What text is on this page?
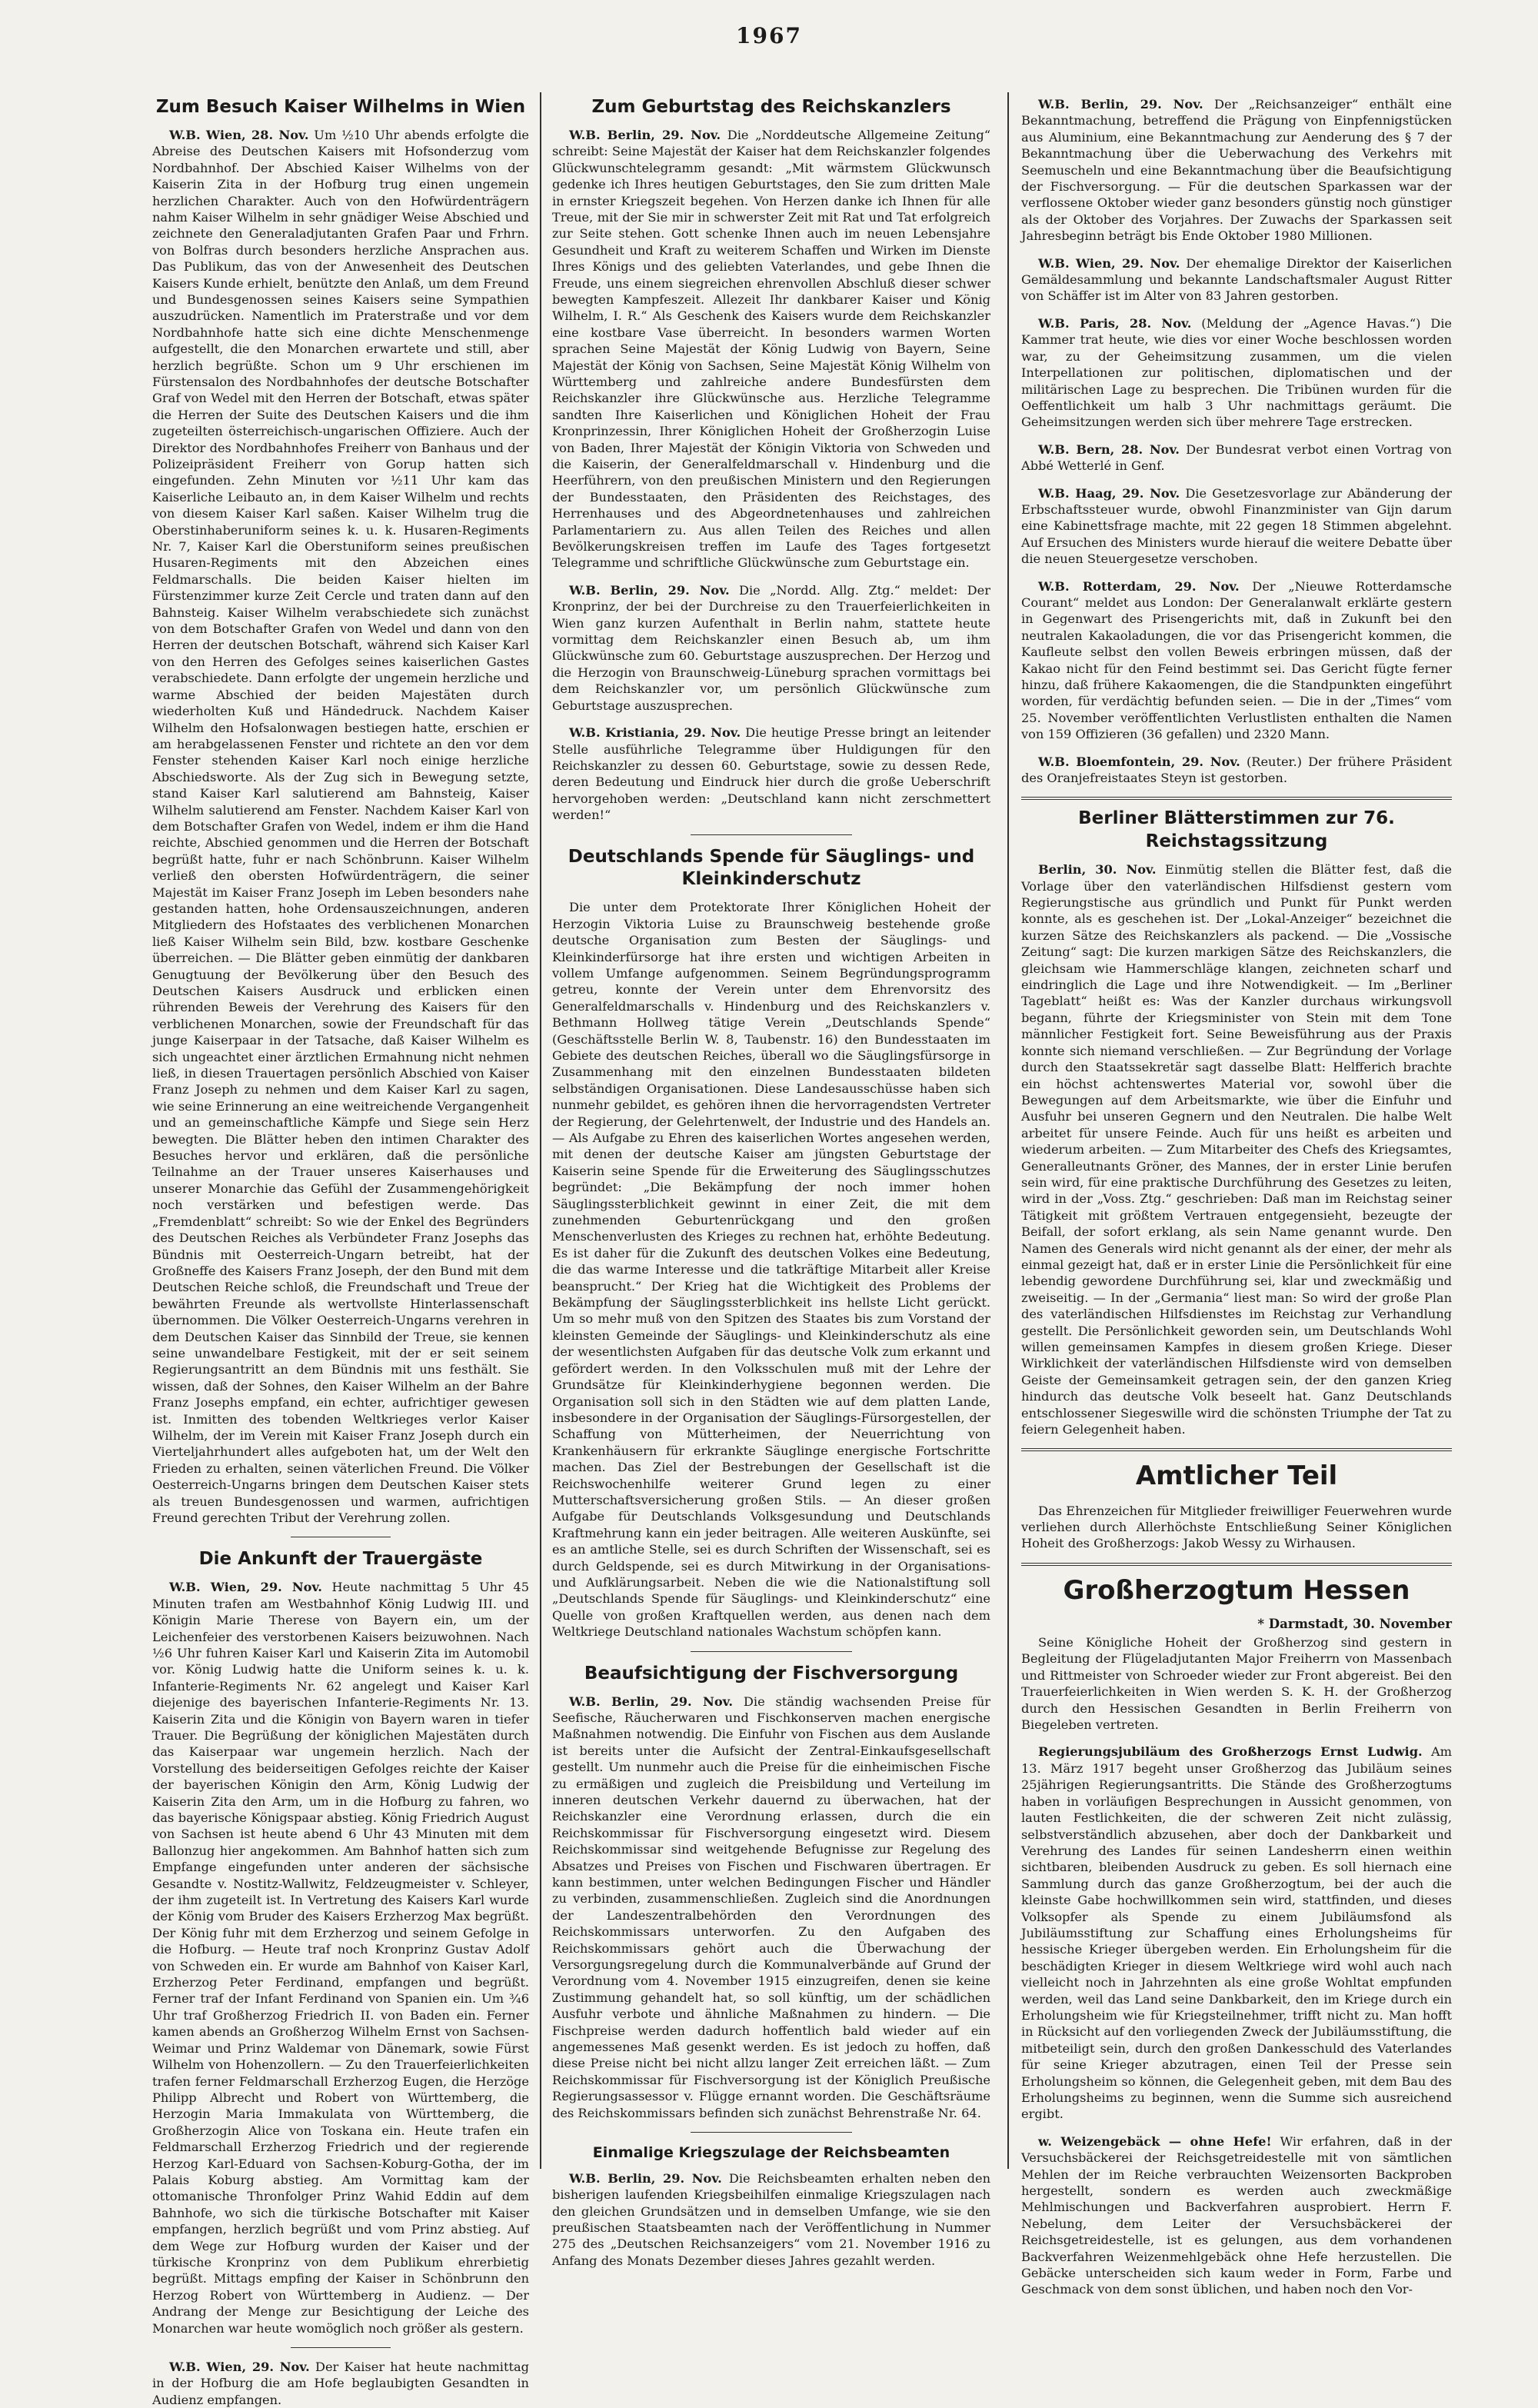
1967
Zum Besuch Kaiser Wilhelms in Wien

W.B. Wien, 28. Nov. Um ½10 Uhr abends erfolgte die Abreise des Deutschen Kaisers mit Hofsonderzug vom Nordbahnhof. Der Abschied Kaiser Wilhelms von der Kaiserin Zita in der Hofburg trug einen ungemein herzlichen Charakter. Auch von den Hofwürdenträgern nahm Kaiser Wilhelm in sehr gnädiger Weise Abschied und zeichnete den Generaladjutanten Grafen Paar und Frhrn. von Bolfras durch besonders herzliche Ansprachen aus. Das Publikum, das von der Anwesenheit des Deutschen Kaisers Kunde erhielt, benützte den Anlaß, um dem Freund und Bundesgenossen seines Kaisers seine Sympathien auszudrücken. Namentlich im Praterstraße und vor dem Nordbahnhofe hatte sich eine dichte Menschenmenge aufgestellt, die den Monarchen erwartete und still, aber herzlich begrüßte. Schon um 9 Uhr erschienen im Fürstensalon des Nordbahnhofes der deutsche Botschafter Graf von Wedel mit den Herren der Botschaft, etwas später die Herren der Suite des Deutschen Kaisers und die ihm zugeteilten österreichisch-ungarischen Offiziere. Auch der Direktor des Nordbahnhofes Freiherr von Banhaus und der Polizeipräsident Freiherr von Gorup hatten sich eingefunden. Zehn Minuten vor ½11 Uhr kam das Kaiserliche Leibauto an, in dem Kaiser Wilhelm und rechts von diesem Kaiser Karl saßen. Kaiser Wilhelm trug die Oberstinhaberuniform seines k. u. k. Husaren-Regiments Nr. 7, Kaiser Karl die Oberstuniform seines preußischen Husaren-Regiments mit den Abzeichen eines Feldmarschalls. Die beiden Kaiser hielten im Fürstenzimmer kurze Zeit Cercle und traten dann auf den Bahnsteig. Kaiser Wilhelm verabschiedete sich zunächst von dem Botschafter Grafen von Wedel und dann von den Herren der deutschen Botschaft, während sich Kaiser Karl von den Herren des Gefolges seines kaiserlichen Gastes verabschiedete. Dann erfolgte der ungemein herzliche und warme Abschied der beiden Majestäten durch wiederholten Kuß und Händedruck. Nachdem Kaiser Wilhelm den Hofsalonwagen bestiegen hatte, erschien er am herabgelassenen Fenster und richtete an den vor dem Fenster stehenden Kaiser Karl noch einige herzliche Abschiedsworte. Als der Zug sich in Bewegung setzte, stand Kaiser Karl salutierend am Bahnsteig, Kaiser Wilhelm salutierend am Fenster. Nachdem Kaiser Karl von dem Botschafter Grafen von Wedel, indem er ihm die Hand reichte, Abschied genommen und die Herren der Botschaft begrüßt hatte, fuhr er nach Schönbrunn. Kaiser Wilhelm verließ den obersten Hofwürdenträgern, die seiner Majestät im Kaiser Franz Joseph im Leben besonders nahe gestanden hatten, hohe Ordensauszeichnungen, anderen Mitgliedern des Hofstaates des verblichenen Monarchen ließ Kaiser Wilhelm sein Bild, bzw. kostbare Geschenke überreichen. — Die Blätter geben einmütig der dankbaren Genugtuung der Bevölkerung über den Besuch des Deutschen Kaisers Ausdruck und erblicken einen rührenden Beweis der Verehrung des Kaisers für den verblichenen Monarchen, sowie der Freundschaft für das junge Kaiserpaar in der Tatsache, daß Kaiser Wilhelm es sich ungeachtet einer ärztlichen Ermahnung nicht nehmen ließ, in diesen Trauertagen persönlich Abschied von Kaiser Franz Joseph zu nehmen und dem Kaiser Karl zu sagen, wie seine Erinnerung an eine weitreichende Vergangenheit und an gemeinschaftliche Kämpfe und Siege sein Herz bewegten. Die Blätter heben den intimen Charakter des Besuches hervor und erklären, daß die persönliche Teilnahme an der Trauer unseres Kaiserhauses und unserer Monarchie das Gefühl der Zusammengehörigkeit noch verstärken und befestigen werde. Das „Fremdenblatt“ schreibt: So wie der Enkel des Begründers des Deutschen Reiches als Verbündeter Franz Josephs das Bündnis mit Oesterreich-Ungarn betreibt, hat der Großneffe des Kaisers Franz Joseph, der den Bund mit dem Deutschen Reiche schloß, die Freundschaft und Treue der bewährten Freunde als wertvollste Hinterlassenschaft übernommen. Die Völker Oesterreich-Ungarns verehren in dem Deutschen Kaiser das Sinnbild der Treue, sie kennen seine unwandelbare Festigkeit, mit der er seit seinem Regierungsantritt an dem Bündnis mit uns festhält. Sie wissen, daß der Sohnes, den Kaiser Wilhelm an der Bahre Franz Josephs empfand, ein echter, aufrichtiger gewesen ist. Inmitten des tobenden Weltkrieges verlor Kaiser Wilhelm, der im Verein mit Kaiser Franz Joseph durch ein Vierteljahrhundert alles aufgeboten hat, um der Welt den Frieden zu erhalten, seinen väterlichen Freund. Die Völker Oesterreich-Ungarns bringen dem Deutschen Kaiser stets als treuen Bundesgenossen und warmen, aufrichtigen Freund gerechten Tribut der Verehrung zollen.

Die Ankunft der Trauergäste

W.B. Wien, 29. Nov. Heute nachmittag 5 Uhr 45 Minuten trafen am Westbahnhof König Ludwig III. und Königin Marie Therese von Bayern ein, um der Leichenfeier des verstorbenen Kaisers beizuwohnen. Nach ½6 Uhr fuhren Kaiser Karl und Kaiserin Zita im Automobil vor. König Ludwig hatte die Uniform seines k. u. k. Infanterie-Regiments Nr. 62 angelegt und Kaiser Karl diejenige des bayerischen Infanterie-Regiments Nr. 13. Kaiserin Zita und die Königin von Bayern waren in tiefer Trauer. Die Begrüßung der königlichen Majestäten durch das Kaiserpaar war ungemein herzlich. Nach der Vorstellung des beiderseitigen Gefolges reichte der Kaiser der bayerischen Königin den Arm, König Ludwig der Kaiserin Zita den Arm, um in die Hofburg zu fahren, wo das bayerische Königspaar abstieg. König Friedrich August von Sachsen ist heute abend 6 Uhr 43 Minuten mit dem Ballonzug hier angekommen. Am Bahnhof hatten sich zum Empfange eingefunden unter anderen der sächsische Gesandte v. Nostitz-Wallwitz, Feldzeugmeister v. Schleyer, der ihm zugeteilt ist. In Vertretung des Kaisers Karl wurde der König vom Bruder des Kaisers Erzherzog Max begrüßt. Der König fuhr mit dem Erzherzog und seinem Gefolge in die Hofburg. — Heute traf noch Kronprinz Gustav Adolf von Schweden ein. Er wurde am Bahnhof von Kaiser Karl, Erzherzog Peter Ferdinand, empfangen und begrüßt. Ferner traf der Infant Ferdinand von Spanien ein. Um ¾6 Uhr traf Großherzog Friedrich II. von Baden ein. Ferner kamen abends an Großherzog Wilhelm Ernst von Sachsen-Weimar und Prinz Waldemar von Dänemark, sowie Fürst Wilhelm von Hohenzollern. — Zu den Trauerfeierlichkeiten trafen ferner Feldmarschall Erzherzog Eugen, die Herzöge Philipp Albrecht und Robert von Württemberg, die Herzogin Maria Immakulata von Württemberg, die Großherzogin Alice von Toskana ein. Heute trafen ein Feldmarschall Erzherzog Friedrich und der regierende Herzog Karl-Eduard von Sachsen-Koburg-Gotha, der im Palais Koburg abstieg. Am Vormittag kam der ottomanische Thronfolger Prinz Wahid Eddin auf dem Bahnhofe, wo sich die türkische Botschafter mit Kaiser empfangen, herzlich begrüßt und vom Prinz abstieg. Auf dem Wege zur Hofburg wurden der Kaiser und der türkische Kronprinz von dem Publikum ehrerbietig begrüßt. Mittags empfing der Kaiser in Schönbrunn den Herzog Robert von Württemberg in Audienz. — Der Andrang der Menge zur Besichtigung der Leiche des Monarchen war heute womöglich noch größer als gestern.

W.B. Wien, 29. Nov. Der Kaiser hat heute nachmittag in der Hofburg die am Hofe beglaubigten Gesandten in Audienz empfangen.

Zum Geburtstag des Reichskanzlers

W.B. Berlin, 29. Nov. Die „Norddeutsche Allgemeine Zeitung“ schreibt: Seine Majestät der Kaiser hat dem Reichskanzler folgendes Glückwunschtelegramm gesandt: „Mit wärmstem Glückwunsch gedenke ich Ihres heutigen Geburtstages, den Sie zum dritten Male in ernster Kriegszeit begehen. Von Herzen danke ich Ihnen für alle Treue, mit der Sie mir in schwerster Zeit mit Rat und Tat erfolgreich zur Seite stehen. Gott schenke Ihnen auch im neuen Lebensjahre Gesundheit und Kraft zu weiterem Schaffen und Wirken im Dienste Ihres Königs und des geliebten Vaterlandes, und gebe Ihnen die Freude, uns einem siegreichen ehrenvollen Abschluß dieser schwer bewegten Kampfeszeit. Allezeit Ihr dankbarer Kaiser und König Wilhelm, I. R.“ Als Geschenk des Kaisers wurde dem Reichskanzler eine kostbare Vase überreicht. In besonders warmen Worten sprachen Seine Majestät der König Ludwig von Bayern, Seine Majestät der König von Sachsen, Seine Majestät König Wilhelm von Württemberg und zahlreiche andere Bundesfürsten dem Reichskanzler ihre Glückwünsche aus. Herzliche Telegramme sandten Ihre Kaiserlichen und Königlichen Hoheit der Frau Kronprinzessin, Ihrer Königlichen Hoheit der Großherzogin Luise von Baden, Ihrer Majestät der Königin Viktoria von Schweden und die Kaiserin, der Generalfeldmarschall v. Hindenburg und die Heerführern, von den preußischen Ministern und den Regierungen der Bundesstaaten, den Präsidenten des Reichstages, des Herrenhauses und des Abgeordnetenhauses und zahlreichen Parlamentariern zu. Aus allen Teilen des Reiches und allen Bevölkerungskreisen treffen im Laufe des Tages fortgesetzt Telegramme und schriftliche Glückwünsche zum Geburtstage ein.

W.B. Berlin, 29. Nov. Die „Nordd. Allg. Ztg.“ meldet: Der Kronprinz, der bei der Durchreise zu den Trauerfeierlichkeiten in Wien ganz kurzen Aufenthalt in Berlin nahm, stattete heute vormittag dem Reichskanzler einen Besuch ab, um ihm Glückwünsche zum 60. Geburtstage auszusprechen. Der Herzog und die Herzogin von Braunschweig-Lüneburg sprachen vormittags bei dem Reichskanzler vor, um persönlich Glückwünsche zum Geburtstage auszusprechen.

W.B. Kristiania, 29. Nov. Die heutige Presse bringt an leitender Stelle ausführliche Telegramme über Huldigungen für den Reichskanzler zu dessen 60. Geburtstage, sowie zu dessen Rede, deren Bedeutung und Eindruck hier durch die große Ueberschrift hervorgehoben werden: „Deutschland kann nicht zerschmettert werden!“

Deutschlands Spende für Säuglings- und Kleinkinderschutz

Die unter dem Protektorate Ihrer Königlichen Hoheit der Herzogin Viktoria Luise zu Braunschweig bestehende große deutsche Organisation zum Besten der Säuglings- und Kleinkinderfürsorge hat ihre ersten und wichtigen Arbeiten in vollem Umfange aufgenommen. Seinem Begründungsprogramm getreu, konnte der Verein unter dem Ehrenvorsitz des Generalfeldmarschalls v. Hindenburg und des Reichskanzlers v. Bethmann Hollweg tätige Verein „Deutschlands Spende“ (Geschäftsstelle Berlin W. 8, Taubenstr. 16) den Bundesstaaten im Gebiete des deutschen Reiches, überall wo die Säuglingsfürsorge in Zusammenhang mit den einzelnen Bundesstaaten bildeten selbständigen Organisationen. Diese Landesausschüsse haben sich nunmehr gebildet, es gehören ihnen die hervorragendsten Vertreter der Regierung, der Gelehrtenwelt, der Industrie und des Handels an. — Als Aufgabe zu Ehren des kaiserlichen Wortes angesehen werden, mit denen der deutsche Kaiser am jüngsten Geburtstage der Kaiserin seine Spende für die Erweiterung des Säuglingsschutzes begründet: „Die Bekämpfung der noch immer hohen Säuglingssterblichkeit gewinnt in einer Zeit, die mit dem zunehmenden Geburtenrückgang und den großen Menschenverlusten des Krieges zu rechnen hat, erhöhte Bedeutung. Es ist daher für die Zukunft des deutschen Volkes eine Bedeutung, die das warme Interesse und die tatkräftige Mitarbeit aller Kreise beansprucht.“ Der Krieg hat die Wichtigkeit des Problems der Bekämpfung der Säuglingssterblichkeit ins hellste Licht gerückt. Um so mehr muß von den Spitzen des Staates bis zum Vorstand der kleinsten Gemeinde der Säuglings- und Kleinkinderschutz als eine der wesentlichsten Aufgaben für das deutsche Volk zum erkannt und gefördert werden. In den Volksschulen muß mit der Lehre der Grundsätze für Kleinkinderhygiene begonnen werden. Die Organisation soll sich in den Städten wie auf dem platten Lande, insbesondere in der Organisation der Säuglings-Fürsorgestellen, der Schaffung von Mütterheimen, der Neuerrichtung von Krankenhäusern für erkrankte Säuglinge energische Fortschritte machen. Das Ziel der Bestrebungen der Gesellschaft ist die Reichswochenhilfe weiterer Grund legen zu einer Mutterschaftsversicherung großen Stils. — An dieser großen Aufgabe für Deutschlands Volksgesundung und Deutschlands Kraftmehrung kann ein jeder beitragen. Alle weiteren Auskünfte, sei es an amtliche Stelle, sei es durch Schriften der Wissenschaft, sei es durch Geldspende, sei es durch Mitwirkung in der Organisations- und Aufklärungsarbeit. Neben die wie die Nationalstiftung soll „Deutschlands Spende für Säuglings- und Kleinkinderschutz“ eine Quelle von großen Kraftquellen werden, aus denen nach dem Weltkriege Deutschland nationales Wachstum schöpfen kann.

Beaufsichtigung der Fischversorgung

W.B. Berlin, 29. Nov. Die ständig wachsenden Preise für Seefische, Räucherwaren und Fischkonserven machen energische Maßnahmen notwendig. Die Einfuhr von Fischen aus dem Auslande ist bereits unter die Aufsicht der Zentral-Einkaufsgesellschaft gestellt. Um nunmehr auch die Preise für die einheimischen Fische zu ermäßigen und zugleich die Preisbildung und Verteilung im inneren deutschen Verkehr dauernd zu überwachen, hat der Reichskanzler eine Verordnung erlassen, durch die ein Reichskommissar für Fischversorgung eingesetzt wird. Diesem Reichskommissar sind weitgehende Befugnisse zur Regelung des Absatzes und Preises von Fischen und Fischwaren übertragen. Er kann bestimmen, unter welchen Bedingungen Fischer und Händler zu verbinden, zusammenschließen. Zugleich sind die Anordnungen der Landeszentralbehörden den Verordnungen des Reichskommissars unterworfen. Zu den Aufgaben des Reichskommissars gehört auch die Überwachung der Versorgungsregelung durch die Kommunalverbände auf Grund der Verordnung vom 4. November 1915 einzugreifen, denen sie keine Zustimmung gehandelt hat, so soll künftig, um der schädlichen Ausfuhr verbote und ähnliche Maßnahmen zu hindern. — Die Fischpreise werden dadurch hoffentlich bald wieder auf ein angemessenes Maß gesenkt werden. Es ist jedoch zu hoffen, daß diese Preise nicht bei nicht allzu langer Zeit erreichen läßt. — Zum Reichskommissar für Fischversorgung ist der Königlich Preußische Regierungsassessor v. Flügge ernannt worden. Die Geschäftsräume des Reichskommissars befinden sich zunächst Behrenstraße Nr. 64.

Einmalige Kriegszulage der Reichsbeamten

W.B. Berlin, 29. Nov. Die Reichsbeamten erhalten neben den bisherigen laufenden Kriegsbeihilfen einmalige Kriegszulagen nach den gleichen Grundsätzen und in demselben Umfange, wie sie den preußischen Staatsbeamten nach der Veröffentlichung in Nummer 275 des „Deutschen Reichsanzeigers“ vom 21. November 1916 zu Anfang des Monats Dezember dieses Jahres gezahlt werden.

W.B. Berlin, 29. Nov. Der „Reichsanzeiger“ enthält eine Bekanntmachung, betreffend die Prägung von Einpfennigstücken aus Aluminium, eine Bekanntmachung zur Aenderung des § 7 der Bekanntmachung über die Ueberwachung des Verkehrs mit Seemuscheln und eine Bekanntmachung über die Beaufsichtigung der Fischversorgung. — Für die deutschen Sparkassen war der verflossene Oktober wieder ganz besonders günstig noch günstiger als der Oktober des Vorjahres. Der Zuwachs der Sparkassen seit Jahresbeginn beträgt bis Ende Oktober 1980 Millionen.

W.B. Wien, 29. Nov. Der ehemalige Direktor der Kaiserlichen Gemäldesammlung und bekannte Landschaftsmaler August Ritter von Schäffer ist im Alter von 83 Jahren gestorben.

W.B. Paris, 28. Nov. (Meldung der „Agence Havas.“) Die Kammer trat heute, wie dies vor einer Woche beschlossen worden war, zu der Geheimsitzung zusammen, um die vielen Interpellationen zur politischen, diplomatischen und der militärischen Lage zu besprechen. Die Tribünen wurden für die Oeffentlichkeit um halb 3 Uhr nachmittags geräumt. Die Geheimsitzungen werden sich über mehrere Tage erstrecken.

W.B. Bern, 28. Nov. Der Bundesrat verbot einen Vortrag von Abbé Wetterlé in Genf.

W.B. Haag, 29. Nov. Die Gesetzesvorlage zur Abänderung der Erbschaftssteuer wurde, obwohl Finanzminister van Gijn darum eine Kabinettsfrage machte, mit 22 gegen 18 Stimmen abgelehnt. Auf Ersuchen des Ministers wurde hierauf die weitere Debatte über die neuen Steuergesetze verschoben.

W.B. Rotterdam, 29. Nov. Der „Nieuwe Rotterdamsche Courant“ meldet aus London: Der Generalanwalt erklärte gestern in Gegenwart des Prisengerichts mit, daß in Zukunft bei den neutralen Kakaoladungen, die vor das Prisengericht kommen, die Kaufleute selbst den vollen Beweis erbringen müssen, daß der Kakao nicht für den Feind bestimmt sei. Das Gericht fügte ferner hinzu, daß frühere Kakaomengen, die die Standpunkten eingeführt worden, für verdächtig befunden seien. — Die in der „Times“ vom 25. November veröffentlichten Verlustlisten enthalten die Namen von 159 Offizieren (36 gefallen) und 2320 Mann.

W.B. Bloemfontein, 29. Nov. (Reuter.) Der frühere Präsident des Oranjefreistaates Steyn ist gestorben.

Berliner Blätterstimmen zur 76. Reichstagssitzung

Berlin, 30. Nov. Einmütig stellen die Blätter fest, daß die Vorlage über den vaterländischen Hilfsdienst gestern vom Regierungstische aus gründlich und Punkt für Punkt werden konnte, als es geschehen ist. Der „Lokal-Anzeiger“ bezeichnet die kurzen Sätze des Reichskanzlers als packend. — Die „Vossische Zeitung“ sagt: Die kurzen markigen Sätze des Reichskanzlers, die gleichsam wie Hammerschläge klangen, zeichneten scharf und eindringlich die Lage und ihre Notwendigkeit. — Im „Berliner Tageblatt“ heißt es: Was der Kanzler durchaus wirkungsvoll begann, führte der Kriegsminister von Stein mit dem Tone männlicher Festigkeit fort. Seine Beweisführung aus der Praxis konnte sich niemand verschließen. — Zur Begründung der Vorlage durch den Staatssekretär sagt dasselbe Blatt: Helfferich brachte ein höchst achtenswertes Material vor, sowohl über die Bewegungen auf dem Arbeitsmarkte, wie über die Einfuhr und Ausfuhr bei unseren Gegnern und den Neutralen. Die halbe Welt arbeitet für unsere Feinde. Auch für uns heißt es arbeiten und wiederum arbeiten. — Zum Mitarbeiter des Chefs des Kriegsamtes, Generalleutnants Gröner, des Mannes, der in erster Linie berufen sein wird, für eine praktische Durchführung des Gesetzes zu leiten, wird in der „Voss. Ztg.“ geschrieben: Daß man im Reichstag seiner Tätigkeit mit größtem Vertrauen entgegensieht, bezeugte der Beifall, der sofort erklang, als sein Name genannt wurde. Den Namen des Generals wird nicht genannt als der einer, der mehr als einmal gezeigt hat, daß er in erster Linie die Persönlichkeit für eine lebendig gewordene Durchführung sei, klar und zweckmäßig und zweiseitig. — In der „Germania“ liest man: So wird der große Plan des vaterländischen Hilfsdienstes im Reichstag zur Verhandlung gestellt. Die Persönlichkeit geworden sein, um Deutschlands Wohl willen gemeinsamen Kampfes in diesem großen Kriege. Dieser Wirklichkeit der vaterländischen Hilfsdienste wird von demselben Geiste der Gemeinsamkeit getragen sein, der den ganzen Krieg hindurch das deutsche Volk beseelt hat. Ganz Deutschlands entschlossener Siegeswille wird die schönsten Triumphe der Tat zu feiern Gelegenheit haben.

Amtlicher Teil

Das Ehrenzeichen für Mitglieder freiwilliger Feuerwehren wurde verliehen durch Allerhöchste Entschließung Seiner Königlichen Hoheit des Großherzogs: Jakob Wessy zu Wirhausen.

Großherzogtum Hessen
* Darmstadt, 30. November

Seine Königliche Hoheit der Großherzog sind gestern in Begleitung der Flügeladjutanten Major Freiherrn von Massenbach und Rittmeister von Schroeder wieder zur Front abgereist. Bei den Trauerfeierlichkeiten in Wien werden S. K. H. der Großherzog durch den Hessischen Gesandten in Berlin Freiherrn von Biegeleben vertreten.

Regierungsjubiläum des Großherzogs Ernst Ludwig. Am 13. März 1917 begeht unser Großherzog das Jubiläum seines 25jährigen Regierungsantritts. Die Stände des Großherzogtums haben in vorläufigen Besprechungen in Aussicht genommen, von lauten Festlichkeiten, die der schweren Zeit nicht zulässig, selbstverständlich abzusehen, aber doch der Dankbarkeit und Verehrung des Landes für seinen Landesherrn einen weithin sichtbaren, bleibenden Ausdruck zu geben. Es soll hiernach eine Sammlung durch das ganze Großherzogtum, bei der auch die kleinste Gabe hochwillkommen sein wird, stattfinden, und dieses Volksopfer als Spende zu einem Jubiläumsfond als Jubiläumsstiftung zur Schaffung eines Erholungsheims für hessische Krieger übergeben werden. Ein Erholungsheim für die beschädigten Krieger in diesem Weltkriege wird wohl auch nach vielleicht noch in Jahrzehnten als eine große Wohltat empfunden werden, weil das Land seine Dankbarkeit, den im Kriege durch ein Erholungsheim wie für Kriegsteilnehmer, trifft nicht zu. Man hofft in Rücksicht auf den vorliegenden Zweck der Jubiläumsstiftung, die mitbeteiligt sein, durch den großen Dankesschuld des Vaterlandes für seine Krieger abzutragen, einen Teil der Presse sein Erholungsheim so können, die Gelegenheit geben, mit dem Bau des Erholungsheims zu beginnen, wenn die Summe sich ausreichend ergibt.

w. Weizengebäck — ohne Hefe! Wir erfahren, daß in der Versuchsbäckerei der Reichsgetreidestelle mit von sämtlichen Mehlen der im Reiche verbrauchten Weizensorten Backproben hergestellt, sondern es werden auch zweckmäßige Mehlmischungen und Backverfahren ausprobiert. Herrn F. Nebelung, dem Leiter der Versuchsbäckerei der Reichsgetreidestelle, ist es gelungen, aus dem vorhandenen Backverfahren Weizenmehlgebäck ohne Hefe herzustellen. Die Gebäcke unterscheiden sich kaum weder in Form, Farbe und Geschmack von dem sonst üblichen, und haben noch den Vor-
